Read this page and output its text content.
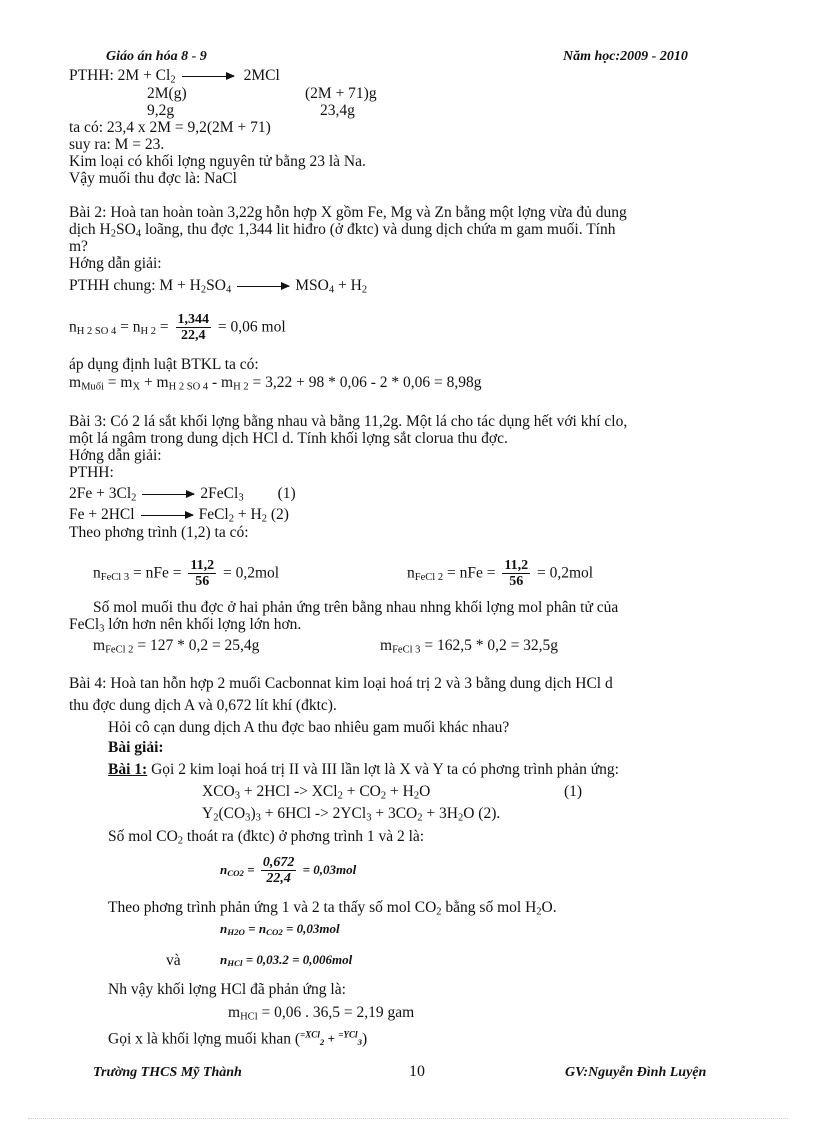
Giáo án hóa 8 - 9	Năm học:2009 - 2010
PTHH: $2M + Cl_2$	2MCl
2M(g)	(2M + 71)g
9,2g	23,4g
ta có: 23,4 x 2M = 9,2(2M + 71)
suy ra: M = 23.
Kim loại có khối lợng nguyên tử bằng 23 là Na.
Vậy muối thu đợc là: NaCl
Bài 2: Hoà tan hoàn toàn 3,22g hỗn hợp X gồm Fe, Mg và Zn bằng một lợng vừa đủ dung
dịch $H_2SO_4$ loãng, thu đợc 1,344 lit hiđro (ở đktc) và dung dịch chứa m gam muối. Tính
m?
Hớng dẫn giải:
PTHH chung: $M + H_2SO_4$	$MSO_4 + H_2$
$n_{H 2 SO 4} = n_{H 2} = \frac{1,344}{22,4} = 0,06$ mol
áp dụng định luật BTKL ta có:
$m_{Muối} = m_X + m_{H 2 SO 4} - m_{H 2} = 3,22 + 98 * 0,06 - 2 * 0,06 = 8,98g$
Bài 3: Có 2 lá sắt khối lợng bằng nhau và bằng 11,2g. Một lá cho tác dụng hết với khí clo,
một lá ngâm trong dung dịch HCl d. Tính khối lợng sắt clorua thu đợc.
Hớng dẫn giải:
PTHH:
$2Fe + 3Cl_2$	2FeCl$_3$ (1)
Fe + 2HCl	FeCl$_2$ + $H_2$ (2)
Theo phơng trình (1,2) ta có:
$n_{FeCl 3}$ = nFe = $\frac{11,2}{56} = 0,2mol$	$n_{FeCl 2}$ = nFe = $\frac{11,2}{56} = 0,2mol$
Số mol muối thu đợc ở hai phản ứng trên bằng nhau nhng khối lợng mol phân tử của
FeCl$_3$ lớn hơn nên khối lợng lớn hơn.
$m_{FeCl 2} = 127 * 0,2 = 25,4g$	$m_{FeCl 3} = 162,5 * 0,2 = 32,5g$
Bài 4: Hoà tan hỗn hợp 2 muối Cacbonnat kim loại hoá trị 2 và 3 bằng dung dịch HCl d
thu đợc dung dịch A và 0,672 lít khí (đktc).
Hỏi cô cạn dung dịch A thu đợc bao nhiêu gam muối khác nhau?
Bài giải:
Bài 1: Gọi 2 kim loại hoá trị II và III lần lợt là X và Y ta có phơng trình phản ứng:
$XCO_3 + 2HCl -> XCl_2 + CO_2 + H_2O$	(1)
$Y_2(CO_3)_3 + 6HCl -> 2YCl_3 + 3CO_2 + 3H_2O$ (2).
Số mol $CO_2$ thoát ra (đktc) ở phơng trình 1 và 2 là:
$n_{CO2} = \frac{0,672}{22,4} = 0,03mol$
Theo phơng trình phản ứng 1 và 2 ta thấy số mol $CO_2$ bằng số mol $H_2O$.
$n_{H2O} = n_{CO2} = 0,03mol$
và	$n_{HCl} = 0,03.2 = 0,006mol$
Nh vậy khối lợng HCl đã phản ứng là:
$m_{HCl} = 0,06$ . 36,5 = 2,19 gam
Gọi x là khối lợng muối khan ($^{=XCl}_2$ + $^{=YCl}_3$)
Trường THCS Mỹ Thành	10	GV:Nguyễn Đình Luyện
